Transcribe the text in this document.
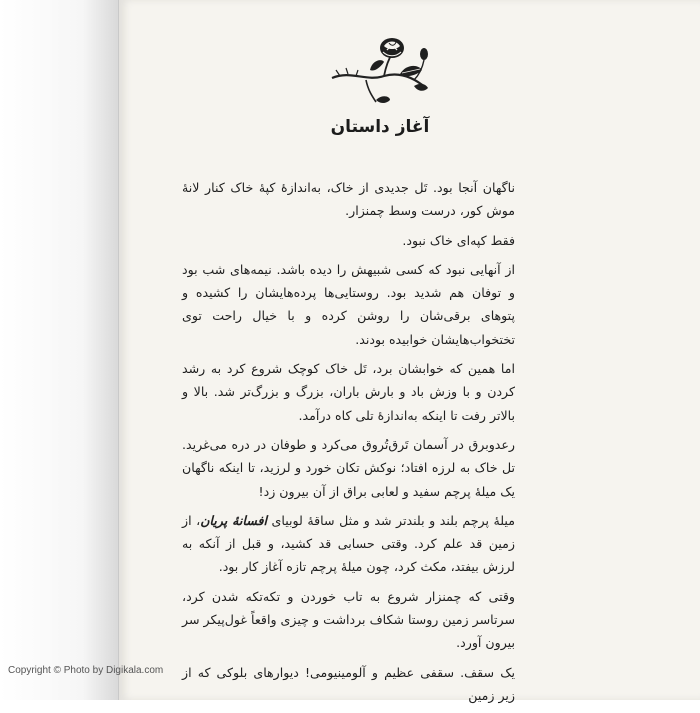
آغاز داستان

ناگهان آنجا بود. تَل جدیدی از خاک، به‌اندازهٔ کپهٔ خاک کنار لانهٔ موش کور، درست وسط چمنزار.

فقط کپه‌ای خاک نبود.

از آنهایی نبود که کسی شبیهش را دیده باشد. نیمه‌های شب بود و توفان هم شدید بود. روستایی‌ها پرده‌هایشان را کشیده و پتوهای برقی‌شان را روشن کرده و با خیال راحت توی تختخواب‌هایشان خوابیده بودند.

اما همین که خوابشان برد، تَل خاک کوچک شروع کرد به رشد کردن و با وزش باد و بارش باران، بزرگ و بزرگ‌تر شد. بالا و بالاتر رفت تا اینکه به‌اندازهٔ تلی کاه درآمد.

رعدوبرق در آسمان تَرق‌تُروق می‌کرد و طوفان در دره می‌غرید. تل خاک به لرزه افتاد؛ نوکش تکان خورد و لرزید، تا اینکه ناگهان یک میلهٔ پرچم سفید و لعابی براق از آن بیرون زد!

میلهٔ پرچم بلند و بلندتر شد و مثل ساقهٔ لوبیای افسانهٔ پریان، از زمین قد علم کرد. وقتی حسابی قد کشید، و قبل از آنکه به لرزش بیفتد، مکث کرد، چون میلهٔ پرچم تازه آغاز کار بود.

وقتی که چمنزار شروع به تاب خوردن و تکه‌تکه شدن کرد، سرتاسر زمین روستا شکاف برداشت و چیزی واقعاً غول‌پیکر سر بیرون آورد.

یک سقف. سقفی عظیم و آلومینیومی! دیوارهای بلوکی که از زیر زمین

Copyright © Photo by Digikala.com
